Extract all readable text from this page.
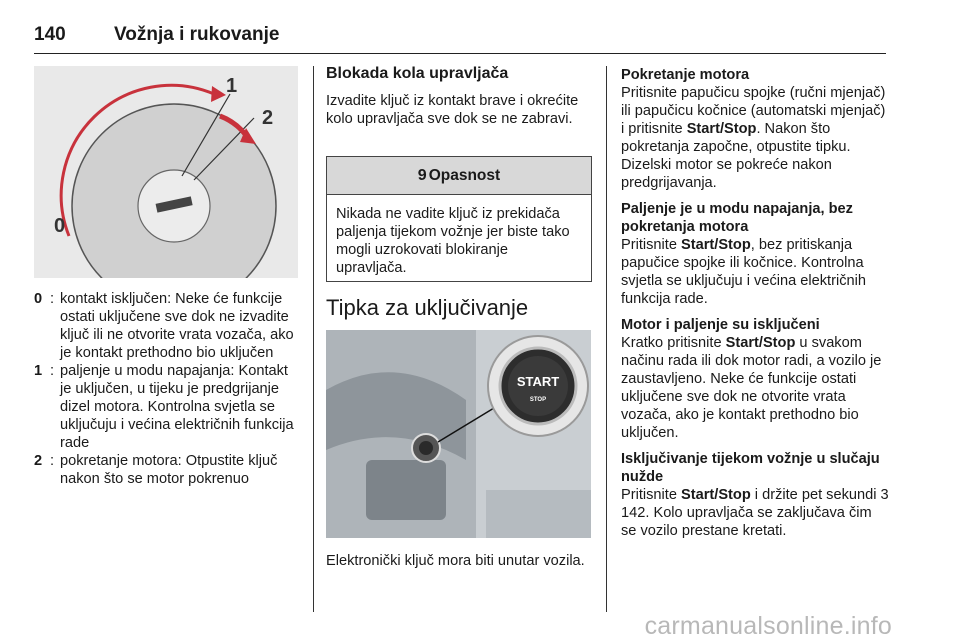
140	Vožnja i rukovanje
1
2
0
0 : kontakt isključen: Neke će funkcije ostati uključene sve dok ne izvadite ključ ili ne otvorite vrata vozača, ako je kontakt prethodno bio uključen
1 : paljenje u modu napajanja: Kontakt je uključen, u tijeku je predgrijanje dizel motora. Kontrolna svjetla se uključuju i većina električnih funkcija rade
2 : pokretanje motora: Otpustite ključ nakon što se motor pokrenuo
Blokada kola upravljača
Izvadite ključ iz kontakt brave i okrećite kolo upravljača sve dok se ne zabravi.
9 Opasnost
Nikada ne vadite ključ iz prekidača paljenja tijekom vožnje jer biste tako mogli uzrokovati blokiranje upravljača.
Tipka za uključivanje
START
STOP
Elektronički ključ mora biti unutar vozila.
Pokretanje motora
Pritisnite papučicu spojke (ručni mjenjač) ili papučicu kočnice (automatski mjenjač) i pritisnite Start/Stop. Nakon što pokretanja započne, otpustite tipku. Dizelski motor se pokreće nakon predgrijavanja.
Paljenje je u modu napajanja, bez pokretanja motora
Pritisnite Start/Stop, bez pritiskanja papučice spojke ili kočnice. Kontrolna svjetla se uključuju i većina električnih funkcija rade.
Motor i paljenje su isključeni
Kratko pritisnite Start/Stop u svakom načinu rada ili dok motor radi, a vozilo je zaustavljeno. Neke će funkcije ostati uključene sve dok ne otvorite vrata vozača, ako je kontakt prethodno bio uključen.
Isključivanje tijekom vožnje u slučaju nužde
Pritisnite Start/Stop i držite pet sekundi 3 142. Kolo upravljača se zaključava čim se vozilo prestane kretati.
carmanualsonline.info
